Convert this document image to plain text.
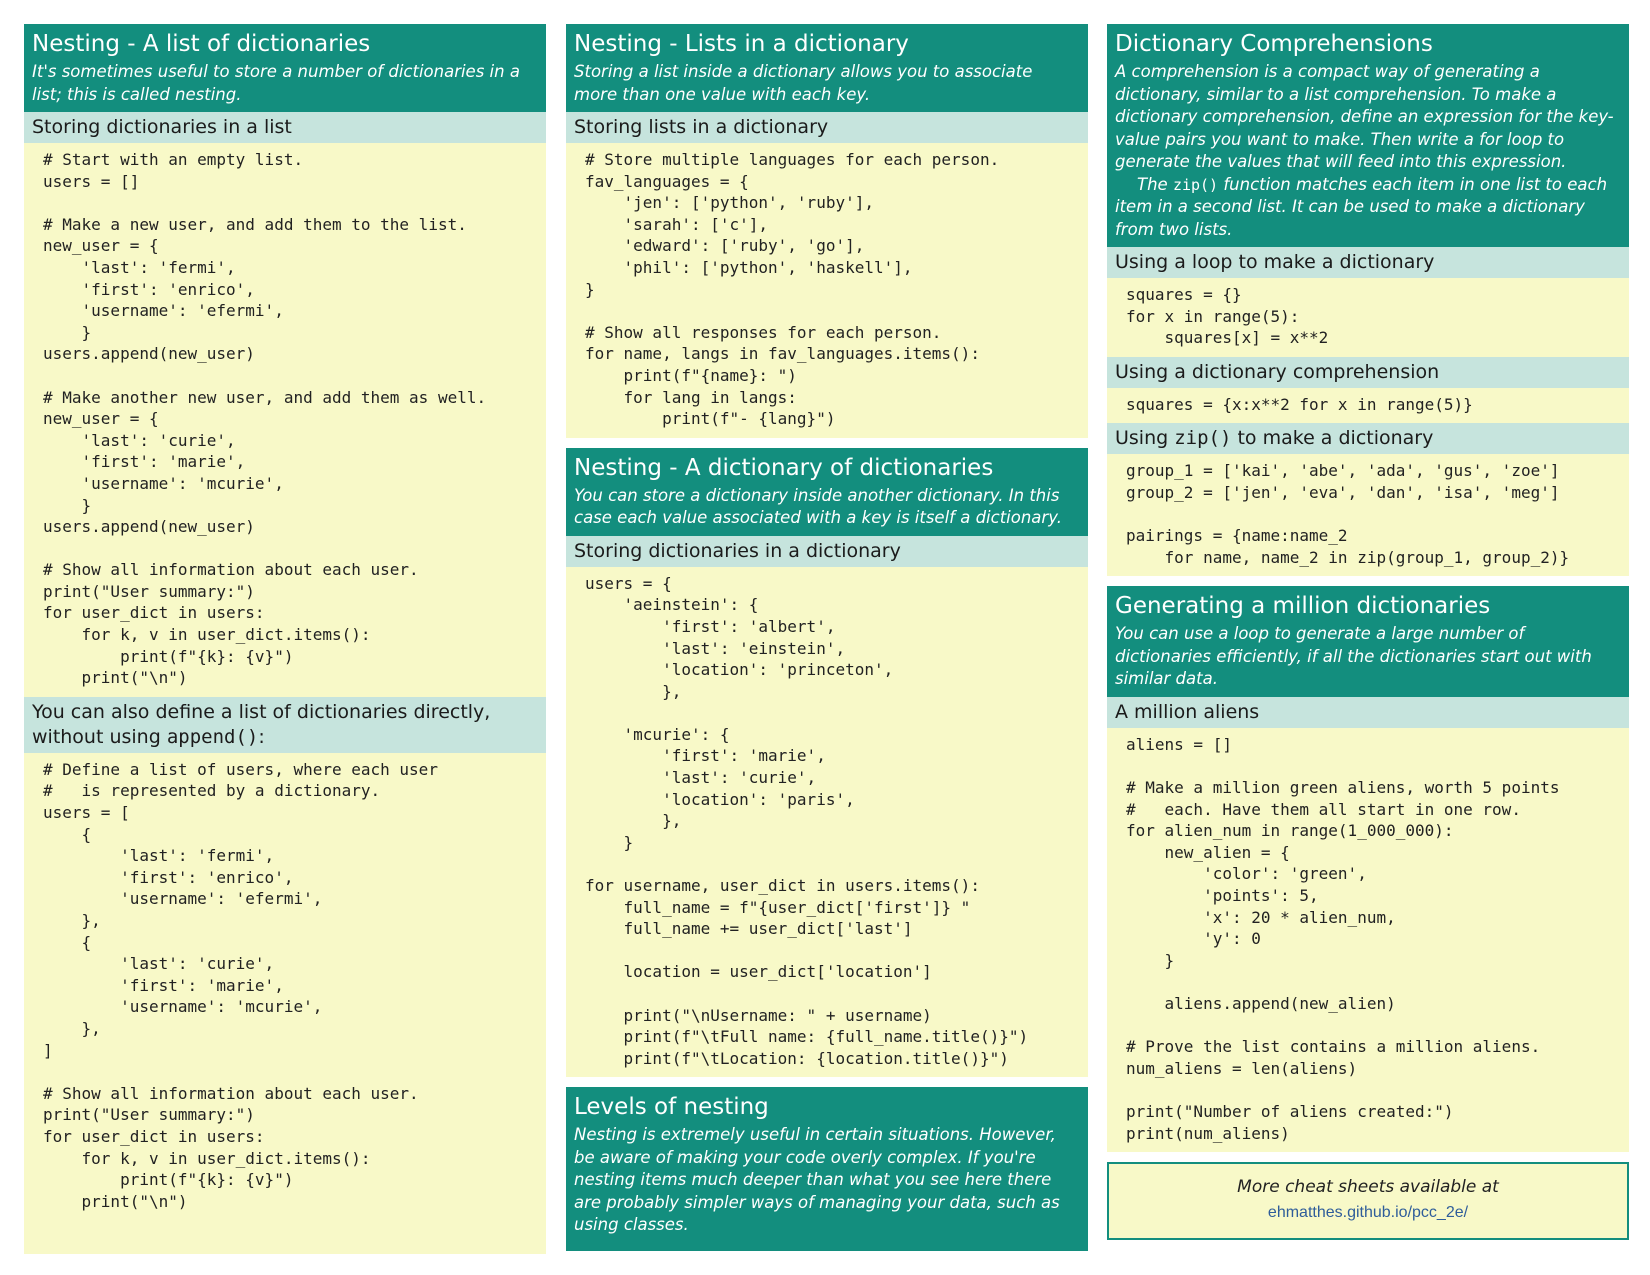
Nesting - A list of dictionaries
It's sometimes useful to store a number of dictionaries in a list; this is called nesting.
Storing dictionaries in a list
# Start with an empty list.
users = []

# Make a new user, and add them to the list.
new_user = {
'last': 'fermi',
'first': 'enrico',
'username': 'efermi',
}
users.append(new_user)

# Make another new user, and add them as well.
new_user = {
'last': 'curie',
'first': 'marie',
'username': 'mcurie',
}
users.append(new_user)

# Show all information about each user.
print("User summary:")
for user_dict in users:
for k, v in user_dict.items():
print(f"{k}: {v}")
print("\n")
You can also define a list of dictionaries directly, without using append():
# Define a list of users, where each user
#   is represented by a dictionary.
users = [
{
'last': 'fermi',
'first': 'enrico',
'username': 'efermi',
},
{
'last': 'curie',
'first': 'marie',
'username': 'mcurie',
},
]

# Show all information about each user.
print("User summary:")
for user_dict in users:
for k, v in user_dict.items():
print(f"{k}: {v}")
print("\n")
Nesting - Lists in a dictionary
Storing a list inside a dictionary allows you to associate more than one value with each key.
Storing lists in a dictionary
# Store multiple languages for each person.
fav_languages = {
'jen': ['python', 'ruby'],
'sarah': ['c'],
'edward': ['ruby', 'go'],
'phil': ['python', 'haskell'],
}

# Show all responses for each person.
for name, langs in fav_languages.items():
print(f"{name}: ")
for lang in langs:
print(f"- {lang}")
Nesting - A dictionary of dictionaries
You can store a dictionary inside another dictionary. In this case each value associated with a key is itself a dictionary.
Storing dictionaries in a dictionary
users = {
'aeinstein': {
'first': 'albert',
'last': 'einstein',
'location': 'princeton',
},

'mcurie': {
'first': 'marie',
'last': 'curie',
'location': 'paris',
},
}

for username, user_dict in users.items():
full_name = f"{user_dict['first']} "
full_name += user_dict['last']

location = user_dict['location']

print("\nUsername: " + username)
print(f"\tFull name: {full_name.title()}")
print(f"\tLocation: {location.title()}")
Levels of nesting
Nesting is extremely useful in certain situations. However, be aware of making your code overly complex. If you're nesting items much deeper than what you see here there are probably simpler ways of managing your data, such as using classes.
Dictionary Comprehensions
A comprehension is a compact way of generating a dictionary, similar to a list comprehension. To make a dictionary comprehension, define an expression for the key-value pairs you want to make. Then write a for loop to generate the values that will feed into this expression.
The zip() function matches each item in one list to each item in a second list. It can be used to make a dictionary from two lists.
Using a loop to make a dictionary
squares = {}
for x in range(5):
squares[x] = x**2
Using a dictionary comprehension
squares = {x:x**2 for x in range(5)}
Using zip() to make a dictionary
group_1 = ['kai', 'abe', 'ada', 'gus', 'zoe']
group_2 = ['jen', 'eva', 'dan', 'isa', 'meg']

pairings = {name:name_2
for name, name_2 in zip(group_1, group_2)}
Generating a million dictionaries
You can use a loop to generate a large number of dictionaries efficiently, if all the dictionaries start out with similar data.
A million aliens
aliens = []

# Make a million green aliens, worth 5 points
#   each. Have them all start in one row.
for alien_num in range(1_000_000):
new_alien = {
'color': 'green',
'points': 5,
'x': 20 * alien_num,
'y': 0
}

aliens.append(new_alien)

# Prove the list contains a million aliens.
num_aliens = len(aliens)

print("Number of aliens created:")
print(num_aliens)
More cheat sheets available at
ehmatthes.github.io/pcc_2e/
